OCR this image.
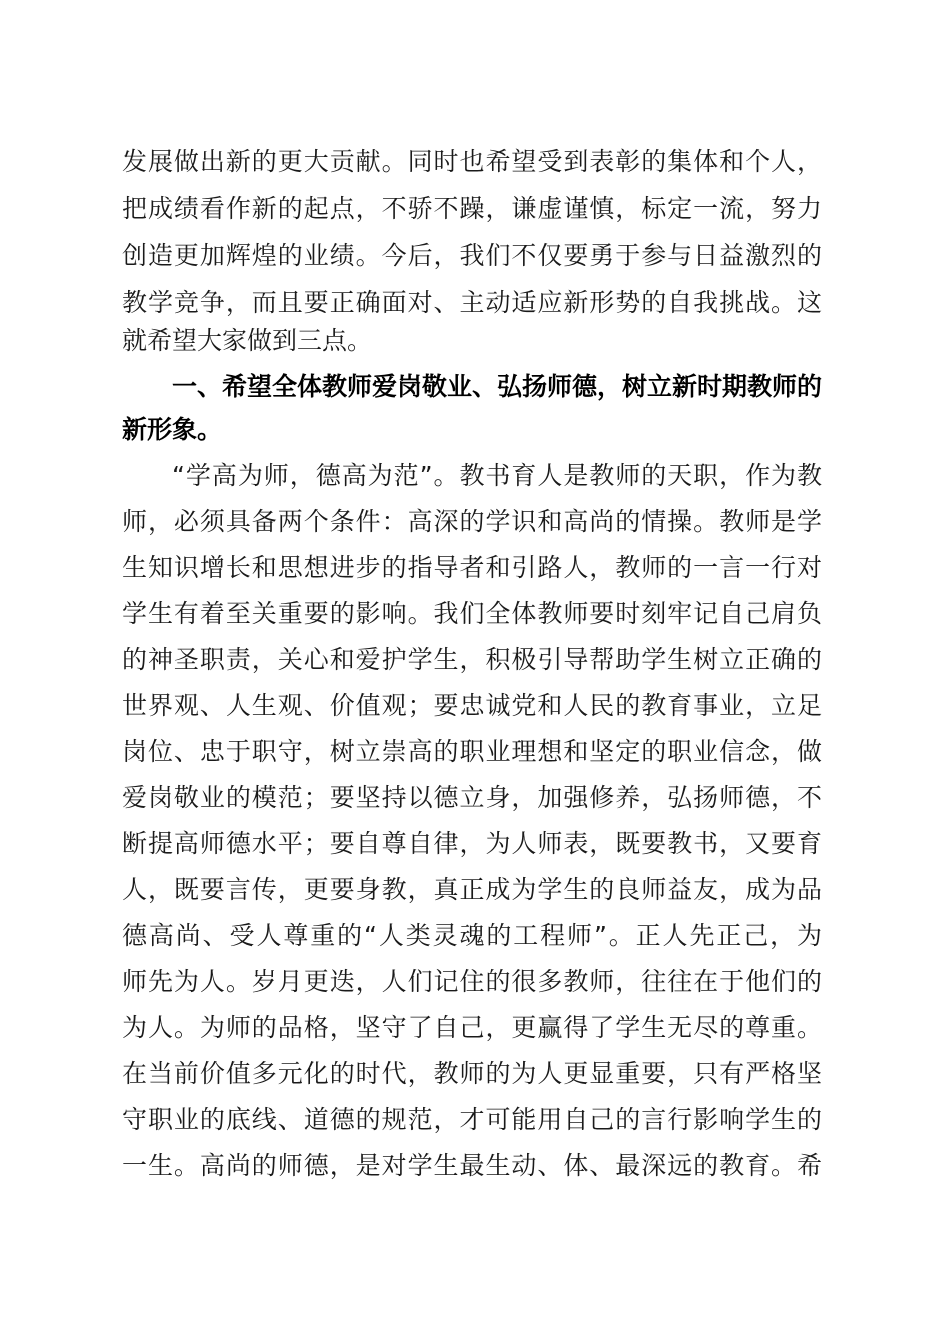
发展做出新的更大贡献。同时也希望受到表彰的集体和个人，
把成绩看作新的起点，不骄不躁，谦虚谨慎，标定一流，努力
创造更加辉煌的业绩。今后，我们不仅要勇于参与日益激烈的
教学竞争，而且要正确面对、主动适应新形势的自我挑战。这
就希望大家做到三点。
一、希望全体教师爱岗敬业、弘扬师德，树立新时期教师的
新形象。
“学高为师，德高为范”。教书育人是教师的天职，作为教
师，必须具备两个条件：高深的学识和高尚的情操。教师是学
生知识增长和思想进步的指导者和引路人，教师的一言一行对
学生有着至关重要的影响。我们全体教师要时刻牢记自己肩负
的神圣职责，关心和爱护学生，积极引导帮助学生树立正确的
世界观、人生观、价值观；要忠诚党和人民的教育事业，立足
岗位、忠于职守，树立崇高的职业理想和坚定的职业信念，做
爱岗敬业的模范；要坚持以德立身，加强修养，弘扬师德，不
断提高师德水平；要自尊自律，为人师表，既要教书，又要育
人，既要言传，更要身教，真正成为学生的良师益友，成为品
德高尚、受人尊重的“人类灵魂的工程师”。正人先正己，为
师先为人。岁月更迭，人们记住的很多教师，往往在于他们的
为人。为师的品格，坚守了自己，更赢得了学生无尽的尊重。
在当前价值多元化的时代，教师的为人更显重要，只有严格坚
守职业的底线、道德的规范，才可能用自己的言行影响学生的
一生。高尚的师德，是对学生最生动、体、最深远的教育。希
